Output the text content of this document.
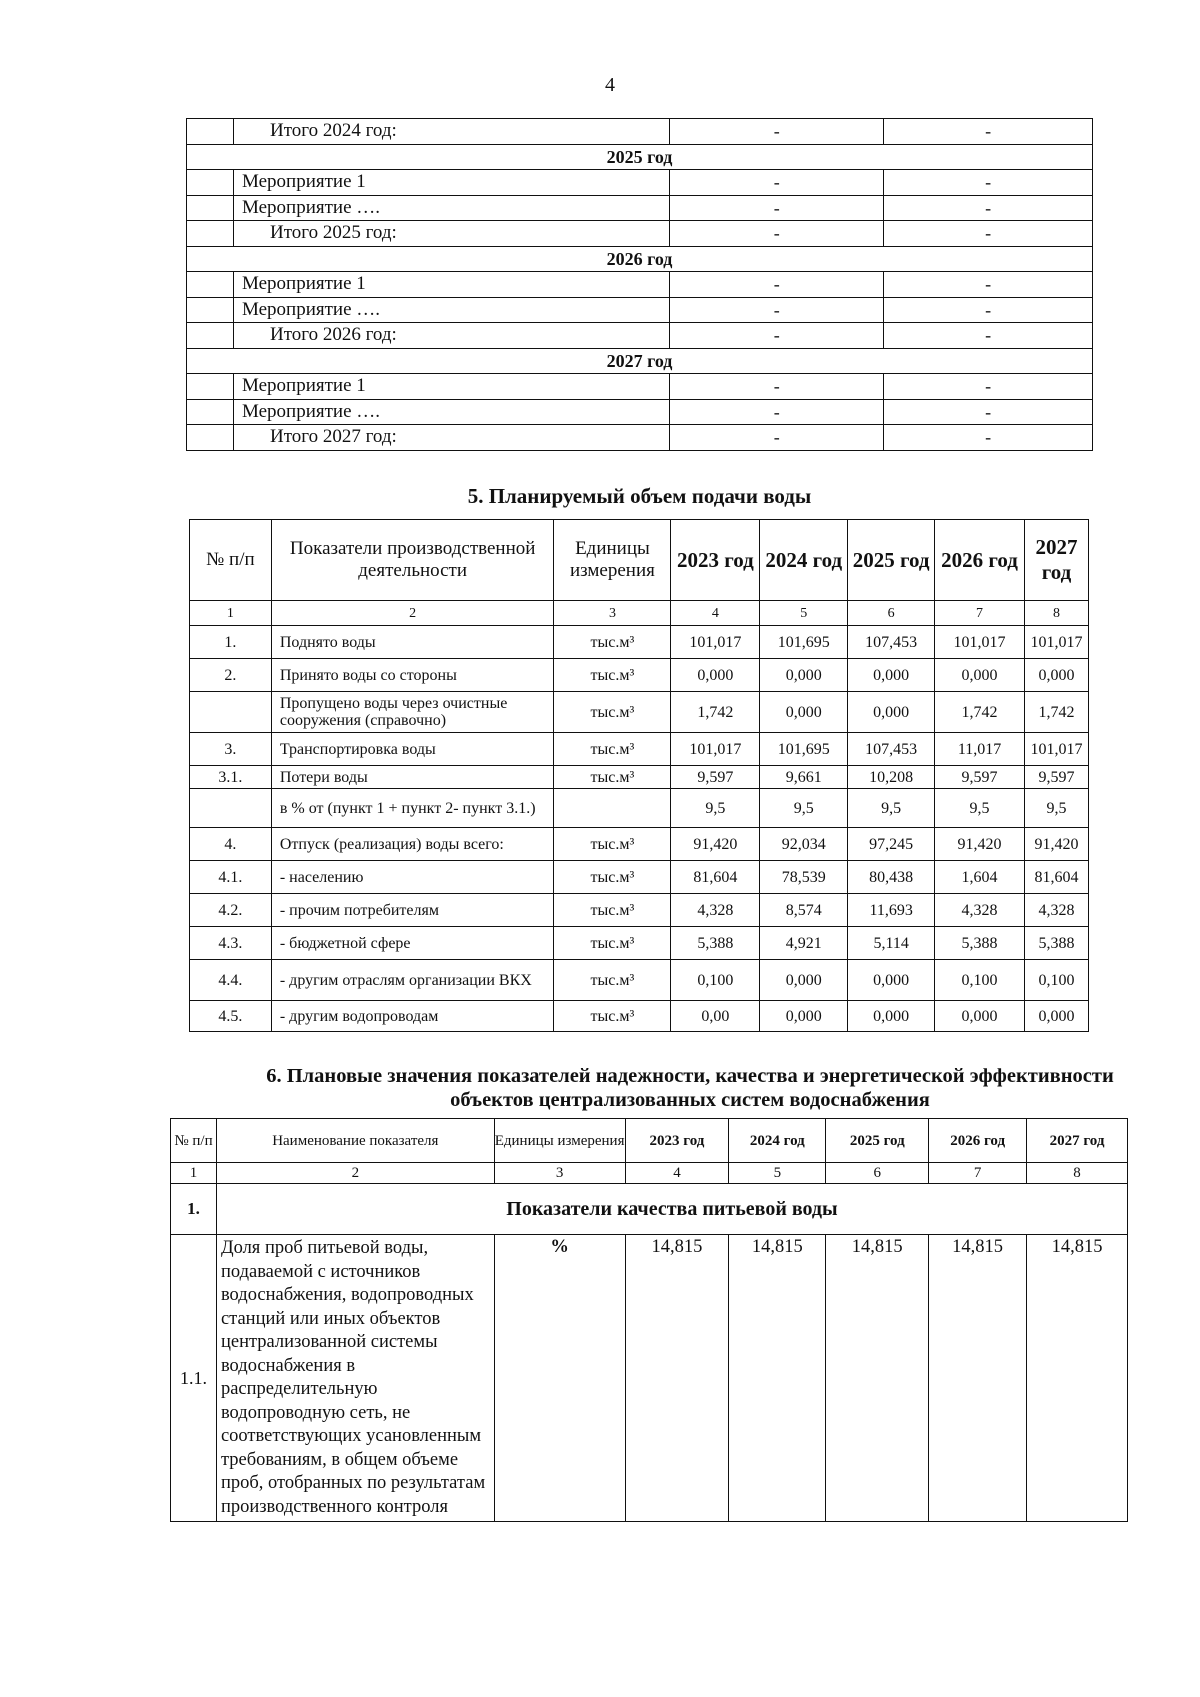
4
	Итого 2024 год:	-	-
2025 год			
	Мероприятие 1	-	-
	Мероприятие ….	-	-
	Итого 2025 год:	-	-
2026 год			
	Мероприятие 1	-	-
	Мероприятие ….	-	-
	Итого 2026 год:	-	-
2027 год			
	Мероприятие 1	-	-
	Мероприятие ….	-	-
	Итого 2027 год:	-	-
5. Планируемый объем подачи воды
№ п/п	Показатели производственной деятельности	Единицы измерения	2023 год	2024 год	2025 год	2026 год	2027 год
1	2	3	4	5	6	7	8
1.	Поднято воды	тыс.м³	101,017	101,695	107,453	101,017	101,017
2.	Принято воды со стороны	тыс.м³	0,000	0,000	0,000	0,000	0,000
	Пропущено воды через очистные сооружения (справочно)	тыс.м³	1,742	0,000	0,000	1,742	1,742
3.	Транспортировка воды	тыс.м³	101,017	101,695	107,453	11,017	101,017
3.1.	Потери воды	тыс.м³	9,597	9,661	10,208	9,597	9,597
	в % от (пункт 1 + пункт 2- пункт 3.1.)		9,5	9,5	9,5	9,5	9,5
4.	Отпуск (реализация) воды всего:	тыс.м³	91,420	92,034	97,245	91,420	91,420
4.1.	- населению	тыс.м³	81,604	78,539	80,438	1,604	81,604
4.2.	- прочим потребителям	тыс.м³	4,328	8,574	11,693	4,328	4,328
4.3.	- бюджетной сфере	тыс.м³	5,388	4,921	5,114	5,388	5,388
4.4.	- другим отраслям организации ВКХ	тыс.м³	0,100	0,000	0,000	0,100	0,100
4.5.	- другим водопроводам	тыс.м³	0,00	0,000	0,000	0,000	0,000
6. Плановые значения показателей надежности, качества и энергетической эффективности объектов централизованных систем водоснабжения
№ п/п	Наименование показателя	Единицы измерения	2023 год	2024 год	2025 год	2026 год	2027 год
1	2	3	4	5	6	7	8
1.	Показатели качества питьевой воды						
1.1.	Доля проб питьевой воды, подаваемой с источников водоснабжения, водопроводных станций или иных объектов централизованной системы водоснабжения в распределительную водопроводную сеть, не соответствующих усановленным требованиям, в общем объеме проб, отобранных по результатам производственного контроля	%	14,815	14,815	14,815	14,815	14,815
